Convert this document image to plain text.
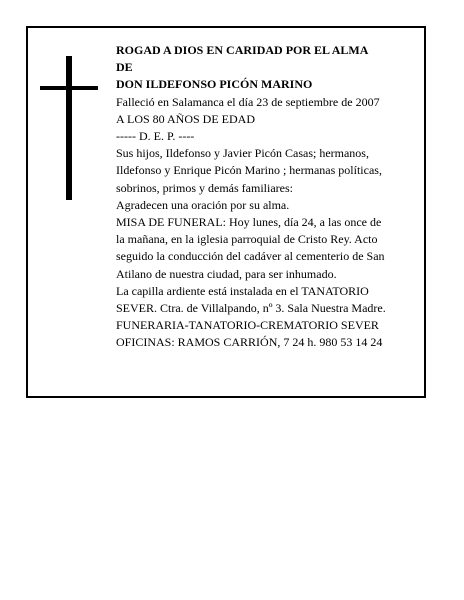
ROGAD A DIOS EN CARIDAD POR EL ALMA
DE
DON ILDEFONSO PICÓN MARINO
Falleció en Salamanca el día 23 de septiembre de 2007
A LOS 80 AÑOS DE EDAD
----- D. E. P. ----
Sus hijos, Ildefonso y Javier Picón Casas; hermanos,
Ildefonso y Enrique Picón Marino ; hermanas políticas,
sobrinos, primos y demás familiares:
Agradecen una oración por su alma.
MISA DE FUNERAL: Hoy lunes, día 24, a las once de
la mañana, en la iglesia parroquial de Cristo Rey. Acto
seguido la conducción del cadáver al cementerio de San
Atilano de nuestra ciudad, para ser inhumado.
La capilla ardiente está instalada en el TANATORIO
SEVER. Ctra. de Villalpando, nº 3. Sala Nuestra Madre.
FUNERARIA-TANATORIO-CREMATORIO SEVER
OFICINAS: RAMOS CARRIÓN, 7 24 h. 980 53 14 24
